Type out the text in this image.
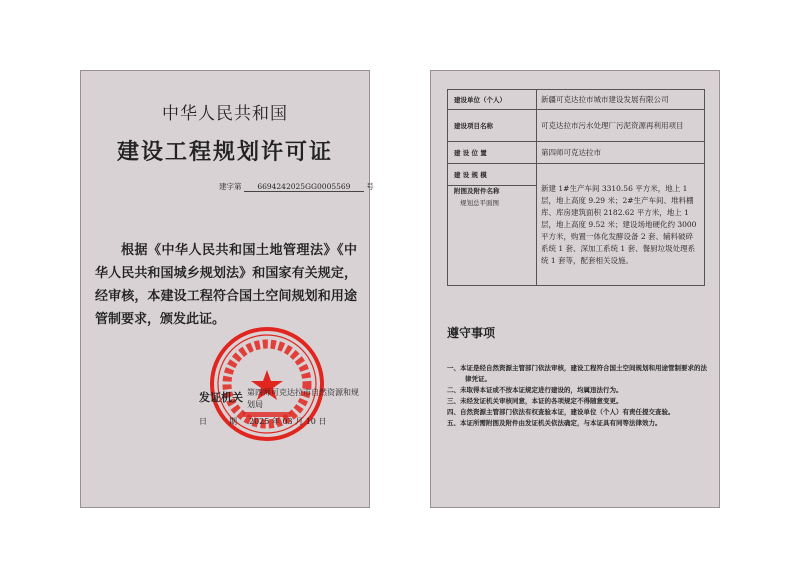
中华人民共和国
建设工程规划许可证
建字第 6694242025GG0005569 号
根据《中华人民共和国土地管理法》《中华人民共和国城乡规划法》和国家有关规定，经审核，本建设工程符合国土空间规划和用途管制要求，颁发此证。
发证机关 第四师可克达拉市自然资源和规划局
日期
2025 年 03 月 10 日
建设单位（个人）	新疆可克达拉市城市建设发展有限公司
建设项目名称	可克达拉市污水处理厂污泥资源再利用项目
建 设 位 置	第四师可克达拉市
建 设 规 模	新建 1#生产车间 3310.56 平方米，地上 1 层，地上高度 9.29 米；2#生产车间、堆料棚库、库房建筑面积 2182.62 平方米，地上 1 层，地上高度 9.52 米；建设场地硬化约 3000 平方米，购置一体化发酵设备 2 套、辅料破碎系统 1 套、深加工系统 1 套、餐厨垃圾处理系统 1 套等，配套相关设施。
附图及附件名称
规划总平面图	
遵守事项
一、本证是经自然资源主管部门依法审核，建设工程符合国土空间规划和用途管制要求的法律凭证。
二、未取得本证或不按本证规定进行建设的，均属违法行为。
三、未经发证机关审核同意，本证的各项规定不得随意变更。
四、自然资源主管部门依法有权查验本证，建设单位（个人）有责任提交查验。
五、本证所需附图及附件由发证机关依法确定，与本证具有同等法律效力。
